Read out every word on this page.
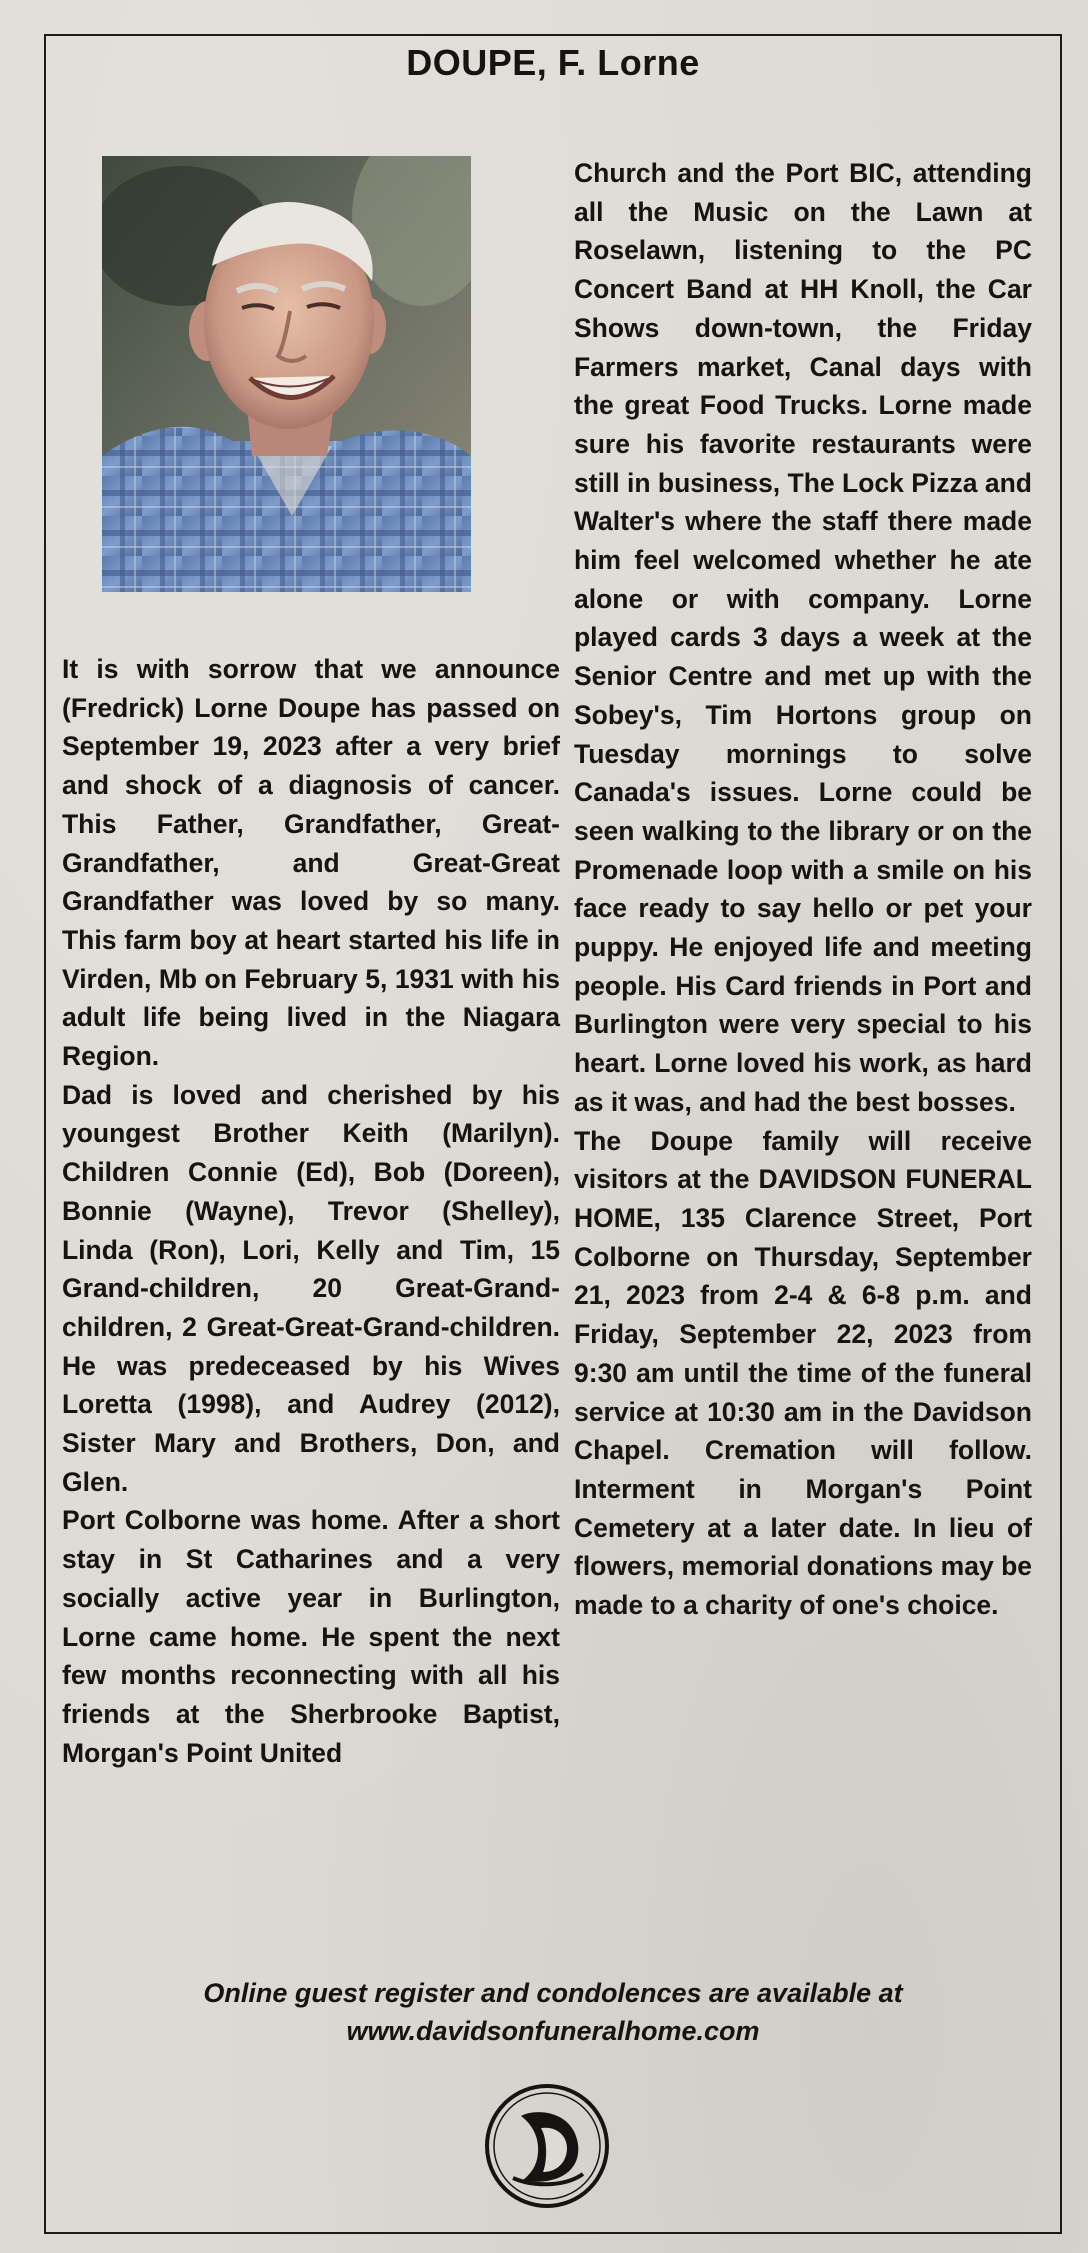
DOUPE, F. Lorne

It is with sorrow that we announce (Fredrick) Lorne Doupe has passed on September 19, 2023 after a very brief and shock of a diagnosis of cancer. This Father, Grandfather, Great-Grandfather, and Great-Great Grandfather was loved by so many. This farm boy at heart started his life in Virden, Mb on February 5, 1931 with his adult life being lived in the Niagara Region.

Dad is loved and cherished by his youngest Brother Keith (Marilyn). Children Connie (Ed), Bob (Doreen), Bonnie (Wayne), Trevor (Shelley), Linda (Ron), Lori, Kelly and Tim, 15 Grand-children, 20 Great-Grand-children, 2 Great-Great-Grand-children. He was predeceased by his Wives Loretta (1998), and Audrey (2012), Sister Mary and Brothers, Don, and Glen.

Port Colborne was home. After a short stay in St Catharines and a very socially active year in Burlington, Lorne came home. He spent the next few months reconnecting with all his friends at the Sherbrooke Baptist, Morgan's Point United

Church and the Port BIC, attending all the Music on the Lawn at Roselawn, listening to the PC Concert Band at HH Knoll, the Car Shows down-town, the Friday Farmers market, Canal days with the great Food Trucks. Lorne made sure his favorite restaurants were still in business, The Lock Pizza and Walter's where the staff there made him feel welcomed whether he ate alone or with company. Lorne played cards 3 days a week at the Senior Centre and met up with the Sobey's, Tim Hortons group on Tuesday mornings to solve Canada's issues. Lorne could be seen walking to the library or on the Promenade loop with a smile on his face ready to say hello or pet your puppy. He enjoyed life and meeting people. His Card friends in Port and Burlington were very special to his heart. Lorne loved his work, as hard as it was, and had the best bosses.

The Doupe family will receive visitors at the DAVIDSON FUNERAL HOME, 135 Clarence Street, Port Colborne on Thursday, September 21, 2023 from 2-4 & 6-8 p.m. and Friday, September 22, 2023 from 9:30 am until the time of the funeral service at 10:30 am in the Davidson Chapel. Cremation will follow. Interment in Morgan's Point Cemetery at a later date. In lieu of flowers, memorial donations may be made to a charity of one's choice.

Online guest register and condolences are available at
www.davidsonfuneralhome.com
